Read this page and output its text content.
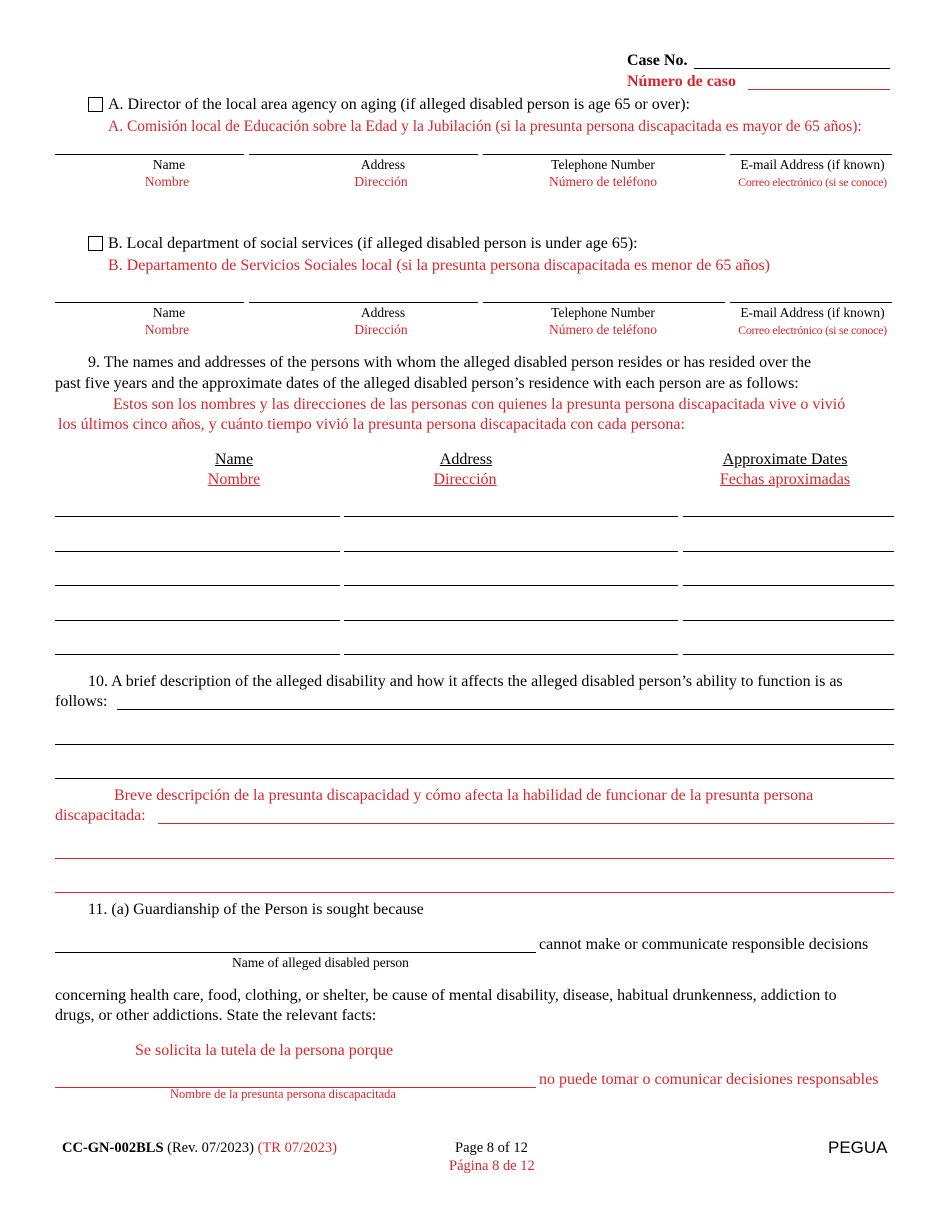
Case No.
Número de caso
A. Director of the local area agency on aging (if alleged disabled person is age 65 or over):
A. Comisión local de Educación sobre la Edad y la Jubilación (si la presunta persona discapacitada es mayor de 65 años):
Name
Nombre
Address
Dirección
Telephone Number
Número de teléfono
E-mail Address (if known)
Correo electrónico (si se conoce)
B. Local department of social services (if alleged disabled person is under age 65):
B. Departamento de Servicios Sociales local (si la presunta persona discapacitada es menor de 65 años)
Name
Nombre
Address
Dirección
Telephone Number
Número de teléfono
E-mail Address (if known)
Correo electrónico (si se conoce)
9. The names and addresses of the persons with whom the alleged disabled person resides or has resided over the
past five years and the approximate dates of the alleged disabled person’s residence with each person are as follows:
Estos son los nombres y las direcciones de las personas con quienes la presunta persona discapacitada vive o vivió
los últimos cinco años, y cuánto tiempo vivió la presunta persona discapacitada con cada persona:
Name
Nombre
Address
Dirección
Approximate Dates
Fechas aproximadas
10. A brief description of the alleged disability and how it affects the alleged disabled person’s ability to function is as
follows:
Breve descripción de la presunta discapacidad y cómo afecta la habilidad de funcionar de la presunta persona
discapacitada:
11. (a) Guardianship of the Person is sought because
cannot make or communicate responsible decisions
Name of alleged disabled person
concerning health care, food, clothing, or shelter, be cause of mental disability, disease, habitual drunkenness, addiction to
drugs, or other addictions. State the relevant facts:
Se solicita la tutela de la persona porque
no puede tomar o comunicar decisiones responsables
Nombre de la presunta persona discapacitada
CC-GN-002BLS (Rev. 07/2023) (TR 07/2023)	Page 8 of 12
Página 8 de 12
PEGUA
